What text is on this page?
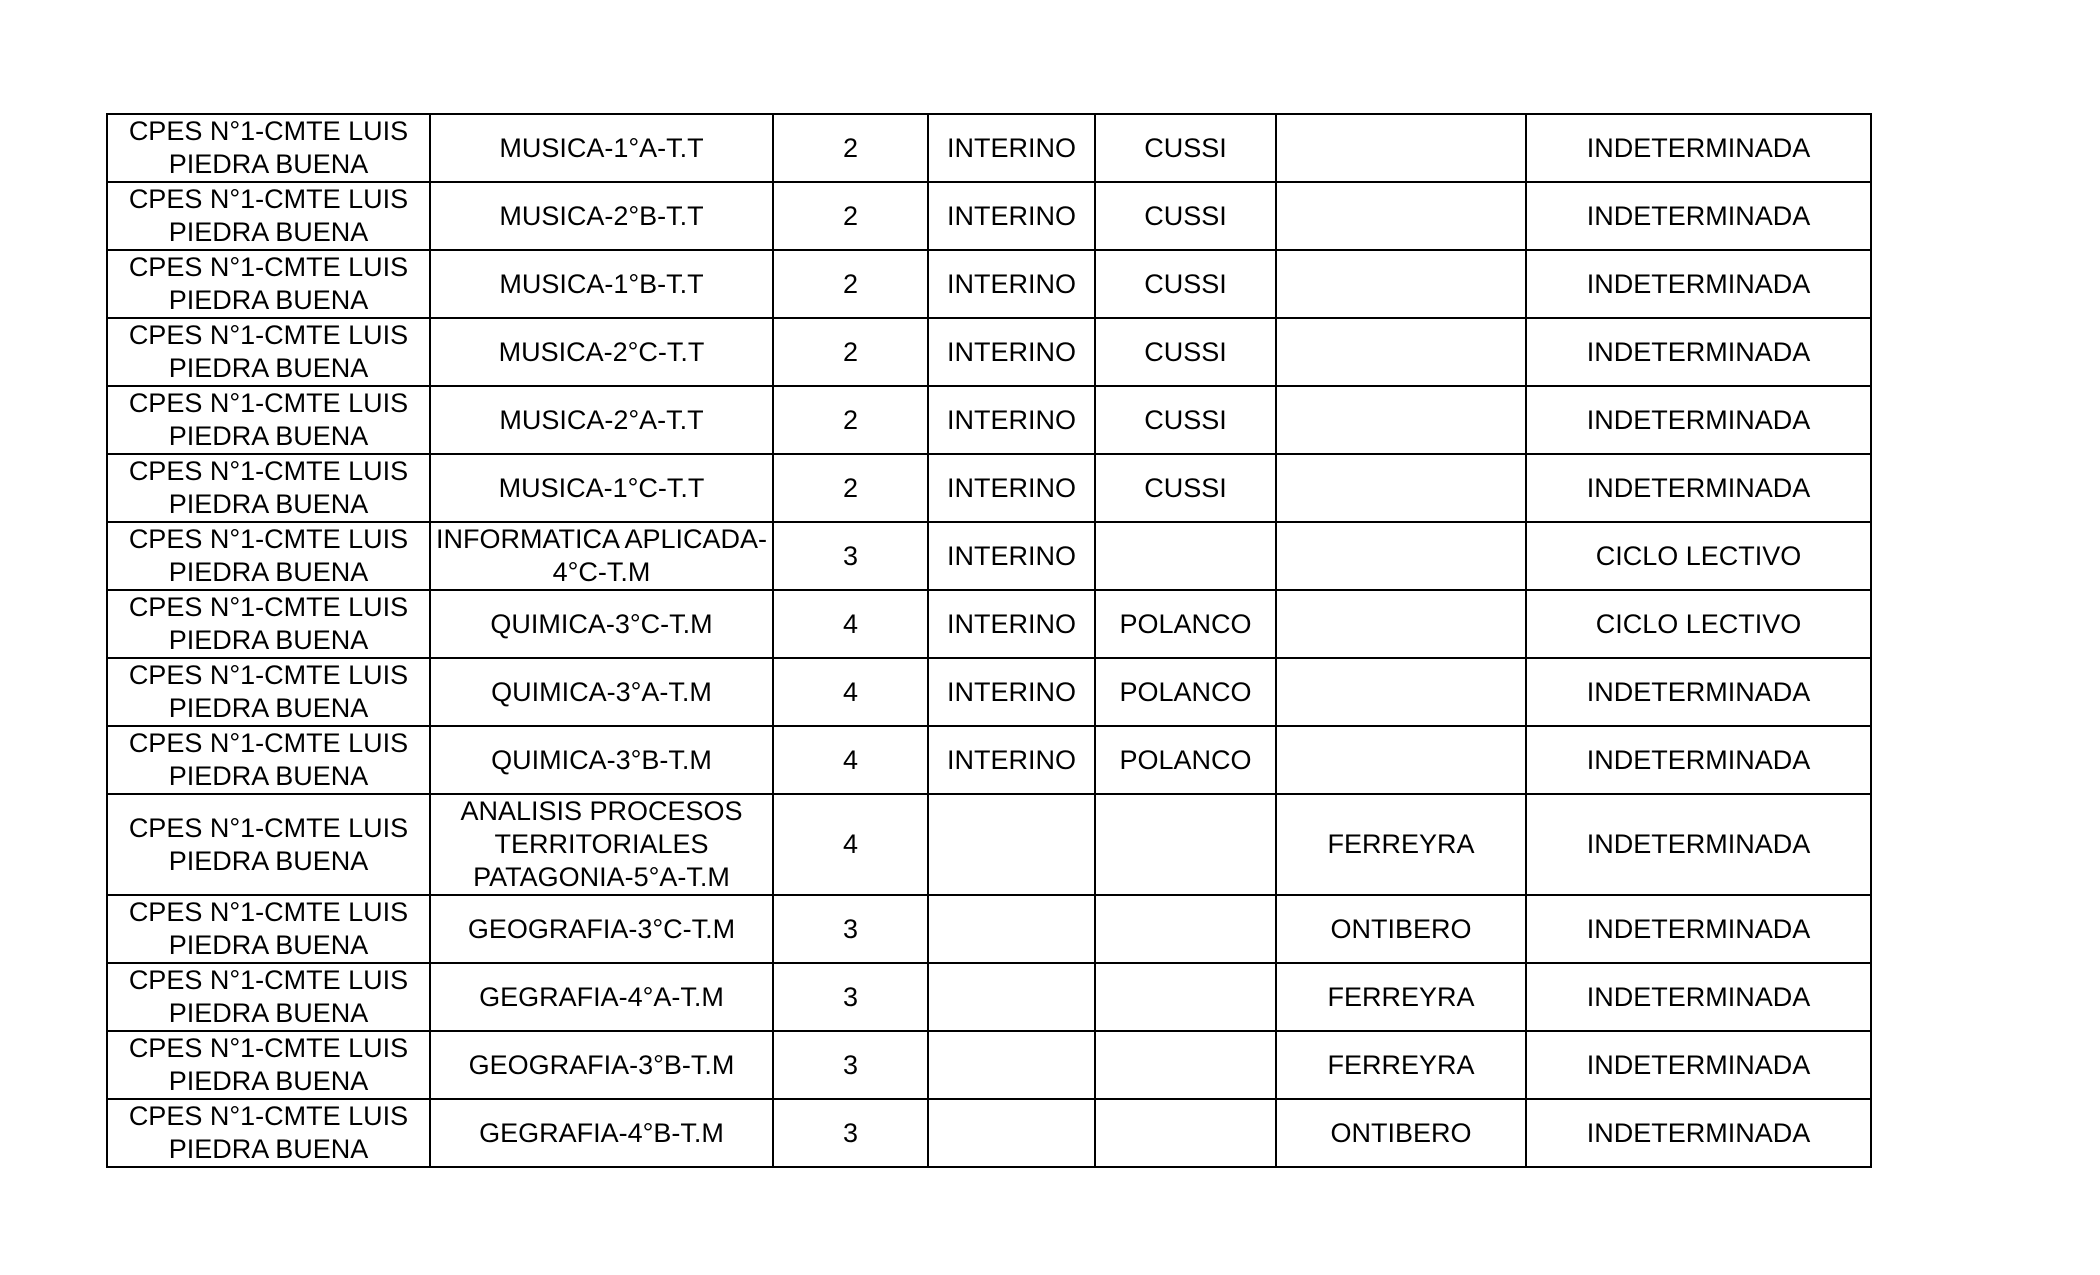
CPES N°1-CMTE LUIS
PIEDRA BUENA	MUSICA-1°A-T.T	2	INTERINO	CUSSI		INDETERMINADA

CPES N°1-CMTE LUIS
PIEDRA BUENA	MUSICA-2°B-T.T	2	INTERINO	CUSSI		INDETERMINADA

CPES N°1-CMTE LUIS
PIEDRA BUENA	MUSICA-1°B-T.T	2	INTERINO	CUSSI		INDETERMINADA

CPES N°1-CMTE LUIS
PIEDRA BUENA	MUSICA-2°C-T.T	2	INTERINO	CUSSI		INDETERMINADA

CPES N°1-CMTE LUIS
PIEDRA BUENA	MUSICA-2°A-T.T	2	INTERINO	CUSSI		INDETERMINADA

CPES N°1-CMTE LUIS
PIEDRA BUENA	MUSICA-1°C-T.T	2	INTERINO	CUSSI		INDETERMINADA

CPES N°1-CMTE LUIS
PIEDRA BUENA	INFORMATICA APLICADA-
4°C-T.M	3	INTERINO			CICLO LECTIVO

CPES N°1-CMTE LUIS
PIEDRA BUENA	QUIMICA-3°C-T.M	4	INTERINO	POLANCO		CICLO LECTIVO

CPES N°1-CMTE LUIS
PIEDRA BUENA	QUIMICA-3°A-T.M	4	INTERINO	POLANCO		INDETERMINADA

CPES N°1-CMTE LUIS
PIEDRA BUENA	QUIMICA-3°B-T.M	4	INTERINO	POLANCO		INDETERMINADA

CPES N°1-CMTE LUIS
PIEDRA BUENA	ANALISIS PROCESOS
TERRITORIALES
PATAGONIA-5°A-T.M	4			FERREYRA	INDETERMINADA

CPES N°1-CMTE LUIS
PIEDRA BUENA	GEOGRAFIA-3°C-T.M	3			ONTIBERO	INDETERMINADA

CPES N°1-CMTE LUIS
PIEDRA BUENA	GEGRAFIA-4°A-T.M	3			FERREYRA	INDETERMINADA

CPES N°1-CMTE LUIS
PIEDRA BUENA	GEOGRAFIA-3°B-T.M	3			FERREYRA	INDETERMINADA

CPES N°1-CMTE LUIS
PIEDRA BUENA	GEGRAFIA-4°B-T.M	3			ONTIBERO	INDETERMINADA
